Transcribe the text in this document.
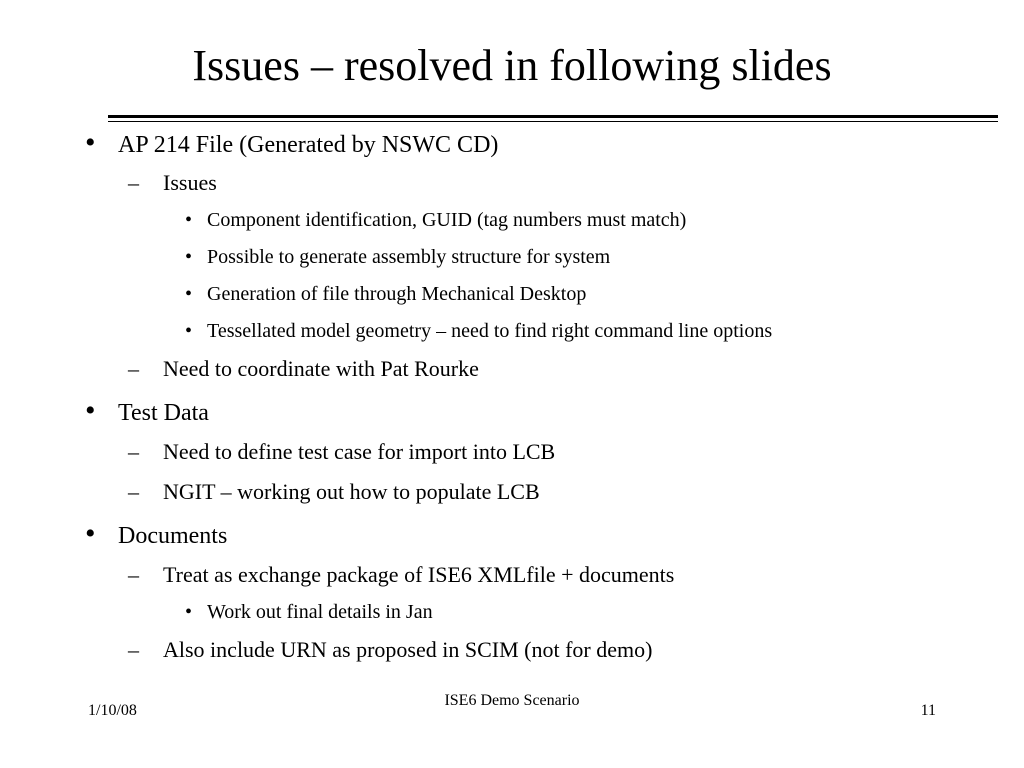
Issues – resolved in following slides
• AP 214 File (Generated by NSWC CD)
– Issues
• Component identification, GUID (tag numbers must match)
• Possible to generate assembly structure for system
• Generation of file through Mechanical Desktop
• Tessellated model geometry – need to find right command line options
– Need to coordinate with Pat Rourke
• Test Data
– Need to define test case for import into LCB
– NGIT – working out how to populate LCB
• Documents
– Treat as exchange package of ISE6 XMLfile + documents
• Work out final details in Jan
– Also include URN as proposed in SCIM (not for demo)
1/10/08
ISE6 Demo Scenario
11
